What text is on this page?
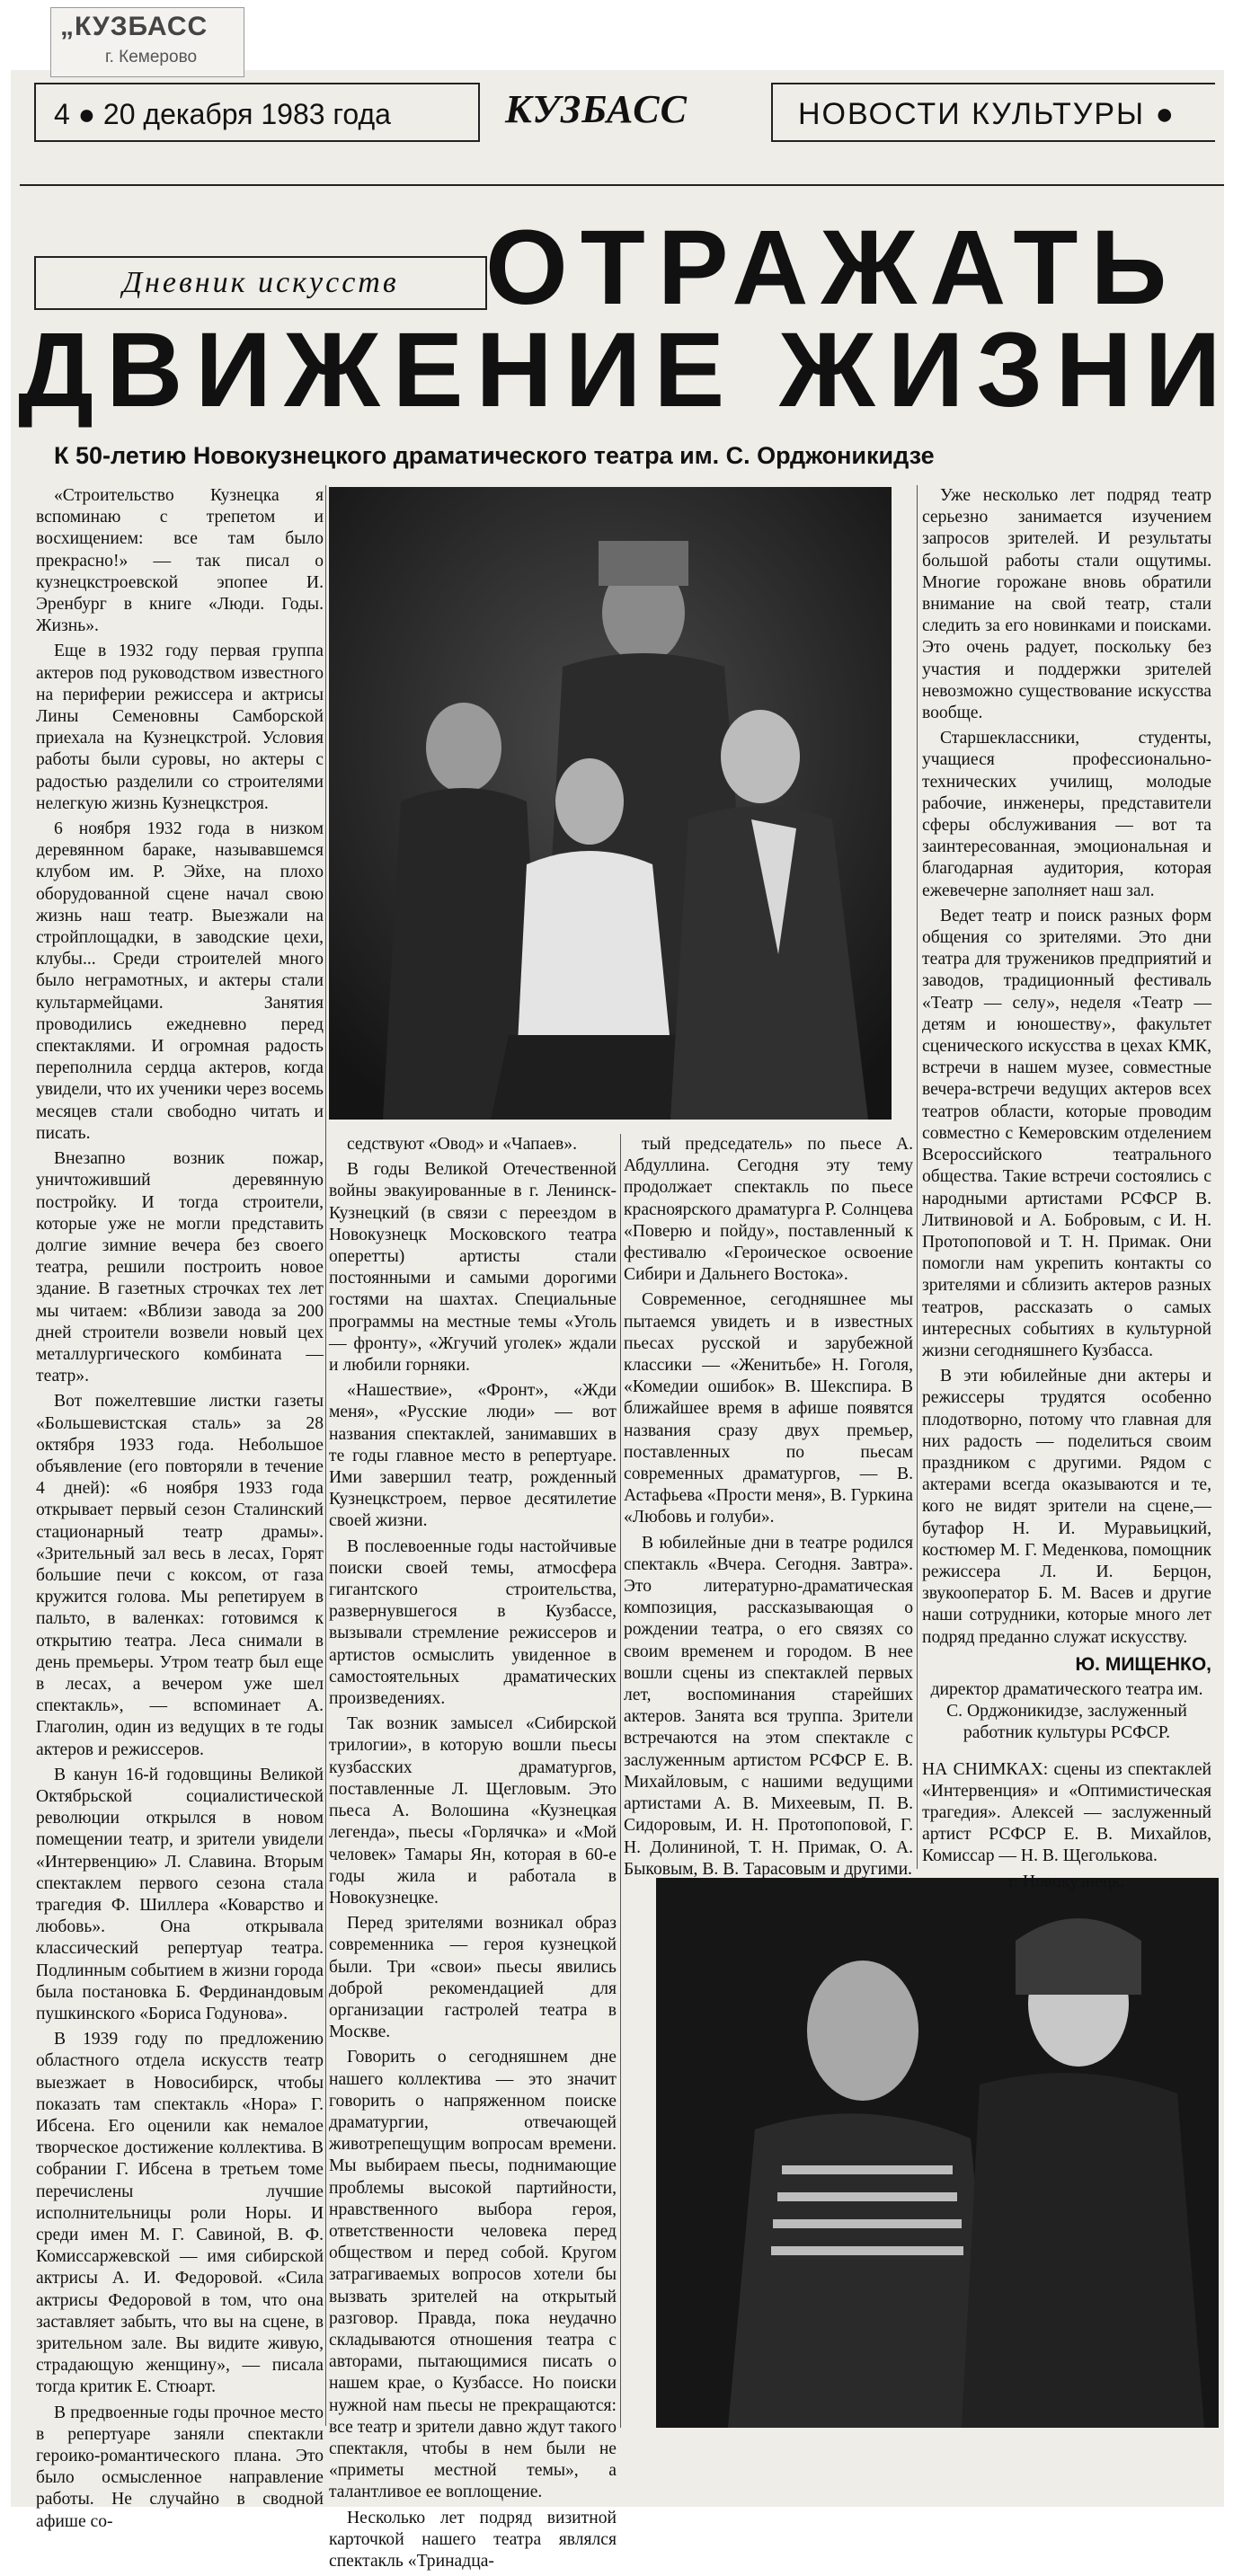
„КУЗБАСС
г. Кемерово
4 ● 20 декабря 1983 года	КУЗБАСС	НОВОСТИ КУЛЬТУРЫ ●
Дневник искусств ОТРАЖАТЬ
ДВИЖЕНИЕ ЖИЗНИ
К 50-летию Новокузнецкого драматического театра им. С. Орджоникидзе

«Строительство Кузнецка я вспоминаю с трепетом и восхищением: все там было прекрасно!» — так писал о кузнецкстроевской эпопее И. Эренбург в книге «Люди. Годы. Жизнь».

Еще в 1932 году первая группа актеров под руководством известного на периферии режиссера и актрисы Лины Семеновны Самборской приехала на Кузнецкстрой. Условия работы были суровы, но актеры с радостью разделили со строителями нелегкую жизнь Кузнецкстроя.

6 ноября 1932 года в низком деревянном бараке, называвшемся клубом им. Р. Эйхе, на плохо оборудованной сцене начал свою жизнь наш театр. Выезжали на стройплощадки, в заводские цехи, клубы... Среди строителей много было неграмотных, и актеры стали культармейцами. Занятия проводились ежедневно перед спектаклями. И огромная радость переполнила сердца актеров, когда увидели, что их ученики через восемь месяцев стали свободно читать и писать.

Внезапно возник пожар, уничтоживший деревянную постройку. И тогда строители, которые уже не могли представить долгие зимние вечера без своего театра, решили построить новое здание. В газетных строчках тех лет мы читаем: «Вблизи завода за 200 дней строители возвели новый цех металлургического комбината — театр».

Вот пожелтевшие листки газеты «Большевистская сталь» за 28 октября 1933 года. Небольшое объявление (его повторяли в течение 4 дней): «6 ноября 1933 года открывает первый сезон Сталинский стационарный театр драмы». «Зрительный зал весь в лесах, Горят большие печи с коксом, от газа кружится голова. Мы репетируем в пальто, в валенках: готовимся к открытию театра. Леса снимали в день премьеры. Утром театр был еще в лесах, а вечером уже шел спектакль», — вспоминает А. Глаголин, один из ведущих в те годы актеров и режиссеров.

В канун 16-й годовщины Великой Октябрьской социалистической революции открылся в новом помещении театр, и зрители увидели «Интервенцию» Л. Славина. Вторым спектаклем первого сезона стала трагедия Ф. Шиллера «Коварство и любовь». Она открывала классический репертуар театра. Подлинным событием в жизни города была постановка Б. Фердинандовым пушкинского «Бориса Годунова».

В 1939 году по предложению областного отдела искусств театр выезжает в Новосибирск, чтобы показать там спектакль «Нора» Г. Ибсена. Его оценили как немалое творческое достижение коллектива. В собрании Г. Ибсена в третьем томе перечислены лучшие исполнительницы роли Норы. И среди имен М. Г. Савиной, В. Ф. Комиссаржевской — имя сибирской актрисы А. И. Федоровой. «Сила актрисы Федоровой в том, что она заставляет забыть, что вы на сцене, в зрительном зале. Вы видите живую, страдающую женщину», — писала тогда критик Е. Стюарт.

В предвоенные годы прочное место в репертуаре заняли спектакли героико-романтического плана. Это было осмысленное направление работы. Не случайно в сводной афише со-

седствуют «Овод» и «Чапаев».

В годы Великой Отечественной войны эвакуированные в г. Ленинск-Кузнецкий (в связи с переездом в Новокузнецк Московского театра оперетты) артисты стали постоянными и самыми дорогими гостями на шахтах. Специальные программы на местные темы «Уголь — фронту», «Жгучий уголек» ждали и любили горняки.

«Нашествие», «Фронт», «Жди меня», «Русские люди» — вот названия спектаклей, занимавших в те годы главное место в репертуаре. Ими завершил театр, рожденный Кузнецкстроем, первое десятилетие своей жизни.

В послевоенные годы настойчивые поиски своей темы, атмосфера гигантского строительства, развернувшегося в Кузбассе, вызывали стремление режиссеров и артистов осмыслить увиденное в самостоятельных драматических произведениях.

Так возник замысел «Сибирской трилогии», в которую вошли пьесы кузбасских драматургов, поставленные Л. Щегловым. Это пьеса А. Волошина «Кузнецкая легенда», пьесы «Горлячка» и «Мой человек» Тамары Ян, которая в 60-е годы жила и работала в Новокузнецке.

Перед зрителями возникал образ современника — героя кузнецкой были. Три «свои» пьесы явились доброй рекомендацией для организации гастролей театра в Москве.

Говорить о сегодняшнем дне нашего коллектива — это значит говорить о напряженном поиске драматургии, отвечающей животрепещущим вопросам времени. Мы выбираем пьесы, поднимающие проблемы высокой партийности, нравственного выбора героя, ответственности человека перед обществом и перед собой. Кругом затрагиваемых вопросов хотели бы вызвать зрителей на открытый разговор. Правда, пока неудачно складываются отношения театра с авторами, пытающимися писать о нашем крае, о Кузбассе. Но поиски нужной нам пьесы не прекращаются: все театр и зрители давно ждут такого спектакля, чтобы в нем были не «приметы местной темы», а талантливое ее воплощение.

Несколько лет подряд визитной карточкой нашего театра являлся спектакль «Тринадца-

тый председатель» по пьесе А. Абдуллина. Сегодня эту тему продолжает спектакль по пьесе красноярского драматурга Р. Солнцева «Поверю и пойду», поставленный к фестивалю «Героическое освоение Сибири и Дальнего Востока».

Современное, сегодняшнее мы пытаемся увидеть и в известных пьесах русской и зарубежной классики — «Женитьбе» Н. Гоголя, «Комедии ошибок» В. Шекспира. В ближайшее время в афише появятся названия сразу двух премьер, поставленных по пьесам современных драматургов, — В. Астафьева «Прости меня», В. Гуркина «Любовь и голуби».

В юбилейные дни в театре родился спектакль «Вчера. Сегодня. Завтра». Это литературно-драматическая композиция, рассказывающая о рождении театра, о его связях со своим временем и городом. В нее вошли сцены из спектаклей первых лет, воспоминания старейших актеров. Занята вся труппа. Зрители встречаются на этом спектакле с заслуженным артистом РСФСР Е. В. Михайловым, с нашими ведущими артистами А. В. Михеевым, П. В. Сидоровым, И. Н. Протопоповой, Г. Н. Долининой, Т. Н. Примак, О. А. Быковым, В. В. Тарасовым и другими.

Уже несколько лет подряд театр серьезно занимается изучением запросов зрителей. И результаты большой работы стали ощутимы. Многие горожане вновь обратили внимание на свой театр, стали следить за его новинками и поисками. Это очень радует, поскольку без участия и поддержки зрителей невозможно существование искусства вообще.

Старшеклассники, студенты, учащиеся профессионально-технических училищ, молодые рабочие, инженеры, представители сферы обслуживания — вот та заинтересованная, эмоциональная и благодарная аудитория, которая ежевечерне заполняет наш зал.

Ведет театр и поиск разных форм общения со зрителями. Это дни театра для тружеников предприятий и заводов, традиционный фестиваль «Театр — селу», неделя «Театр — детям и юношеству», факультет сценического искусства в цехах КМК, встречи в нашем музее, совместные вечера-встречи ведущих актеров всех театров области, которые проводим совместно с Кемеровским отделением Всероссийского театрального общества. Такие встречи состоялись с народными артистами РСФСР В. Литвиновой и А. Бобровым, с И. Н. Протопоповой и Т. Н. Примак. Они помогли нам укрепить контакты со зрителями и сблизить актеров разных театров, рассказать о самых интересных событиях в культурной жизни сегодняшнего Кузбасса.

В эти юбилейные дни актеры и режиссеры трудятся особенно плодотворно, потому что главная для них радость — поделиться своим праздником с другими. Рядом с актерами всегда оказываются и те, кого не видят зрители на сцене,— бутафор Н. И. Муравьицкий, костюмер М. Г. Меденкова, помощник режиссера Л. И. Берцон, звукооператор Б. М. Васев и другие наши сотрудники, которые много лет подряд преданно служат искусству.

Ю. МИЩЕНКО,

директор драматического театра им. С. Орджоникидзе, заслуженный работник культуры РСФСР.

НА СНИМКАХ: сцены из спектаклей «Интервенция» и «Оптимистическая трагедия». Алексей — заслуженный артист РСФСР Е. В. Михайлов, Комиссар — Н. В. Щеголькова.

г. Новокузнецк.
